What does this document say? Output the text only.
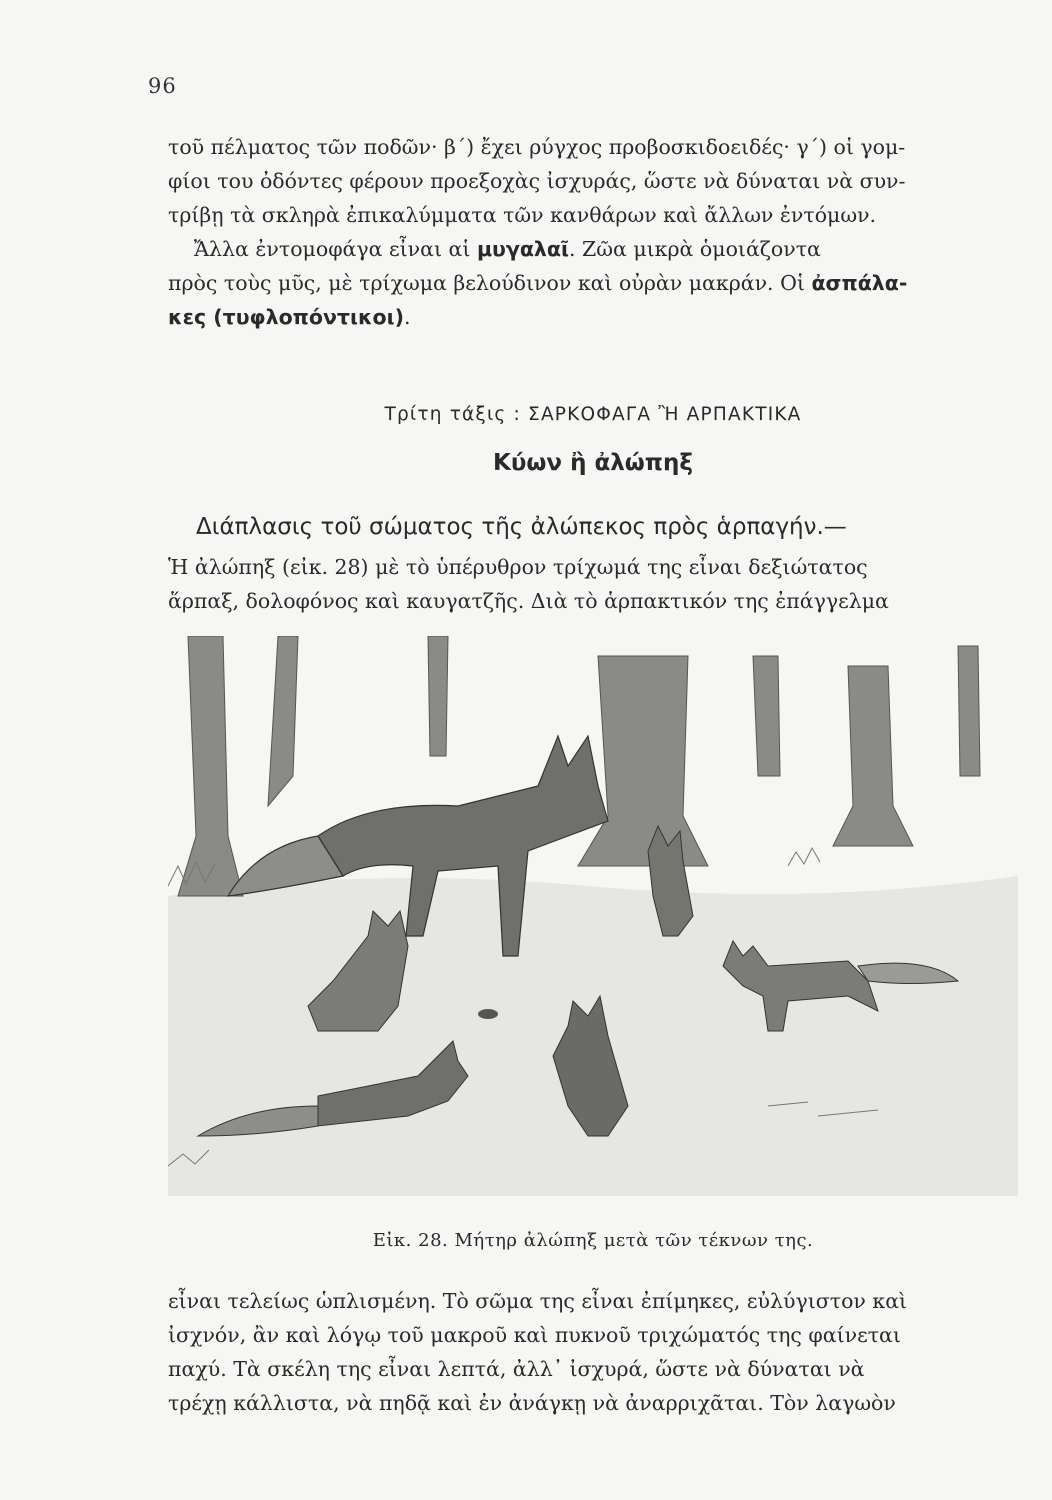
96
τοῦ πέλματος τῶν ποδῶν· β΄) ἔχει ρύγχος προβοσκιδοειδές· γ΄) οἱ γομ-
φίοι του ὀδόντες φέρουν προεξοχὰς ἰσχυράς, ὥστε νὰ δύναται νὰ συν-
τρίβῃ τὰ σκληρὰ ἐπικαλύμματα τῶν κανθάρων καὶ ἄλλων ἐντόμων.
Ἄλλα ἐντομοφάγα εἶναι αἱ μυγαλαῖ. Ζῶα μικρὰ ὁμοιάζοντα
πρὸς τοὺς μῦς, μὲ τρίχωμα βελούδινον καὶ οὐρὰν μακράν. Οἱ ἀσπάλα-
κες (τυφλοπόντικοι).
Τρίτη τάξις : ΣΑΡΚΟΦΑΓΑ Ἢ ΑΡΠΑΚΤΙΚΑ
Κύων ἢ ἀλώπηξ
Διάπλασις τοῦ σώματος τῆς ἀλώπεκος πρὸς ἁρπαγήν.—
Ἡ ἀλώπηξ (εἰκ. 28) μὲ τὸ ὑπέρυθρον τρίχωμά της εἶναι δεξιώτατος
ἅρπαξ, δολοφόνος καὶ καυγατζῆς. Διὰ τὸ ἁρπακτικόν της ἐπάγγελμα
Εἰκ. 28. Μήτηρ ἀλώπηξ μετὰ τῶν τέκνων της.
εἶναι τελείως ὡπλισμένη. Τὸ σῶμα της εἶναι ἐπίμηκες, εὐλύγιστον καὶ
ἰσχνόν, ἂν καὶ λόγῳ τοῦ μακροῦ καὶ πυκνοῦ τριχώματός της φαίνεται
παχύ. Τὰ σκέλη της εἶναι λεπτά, ἀλλ᾽ ἰσχυρά, ὥστε νὰ δύναται νὰ
τρέχῃ κάλλιστα, νὰ πηδᾷ καὶ ἐν ἀνάγκῃ νὰ ἀναρριχᾶται. Τὸν λαγωὸν
